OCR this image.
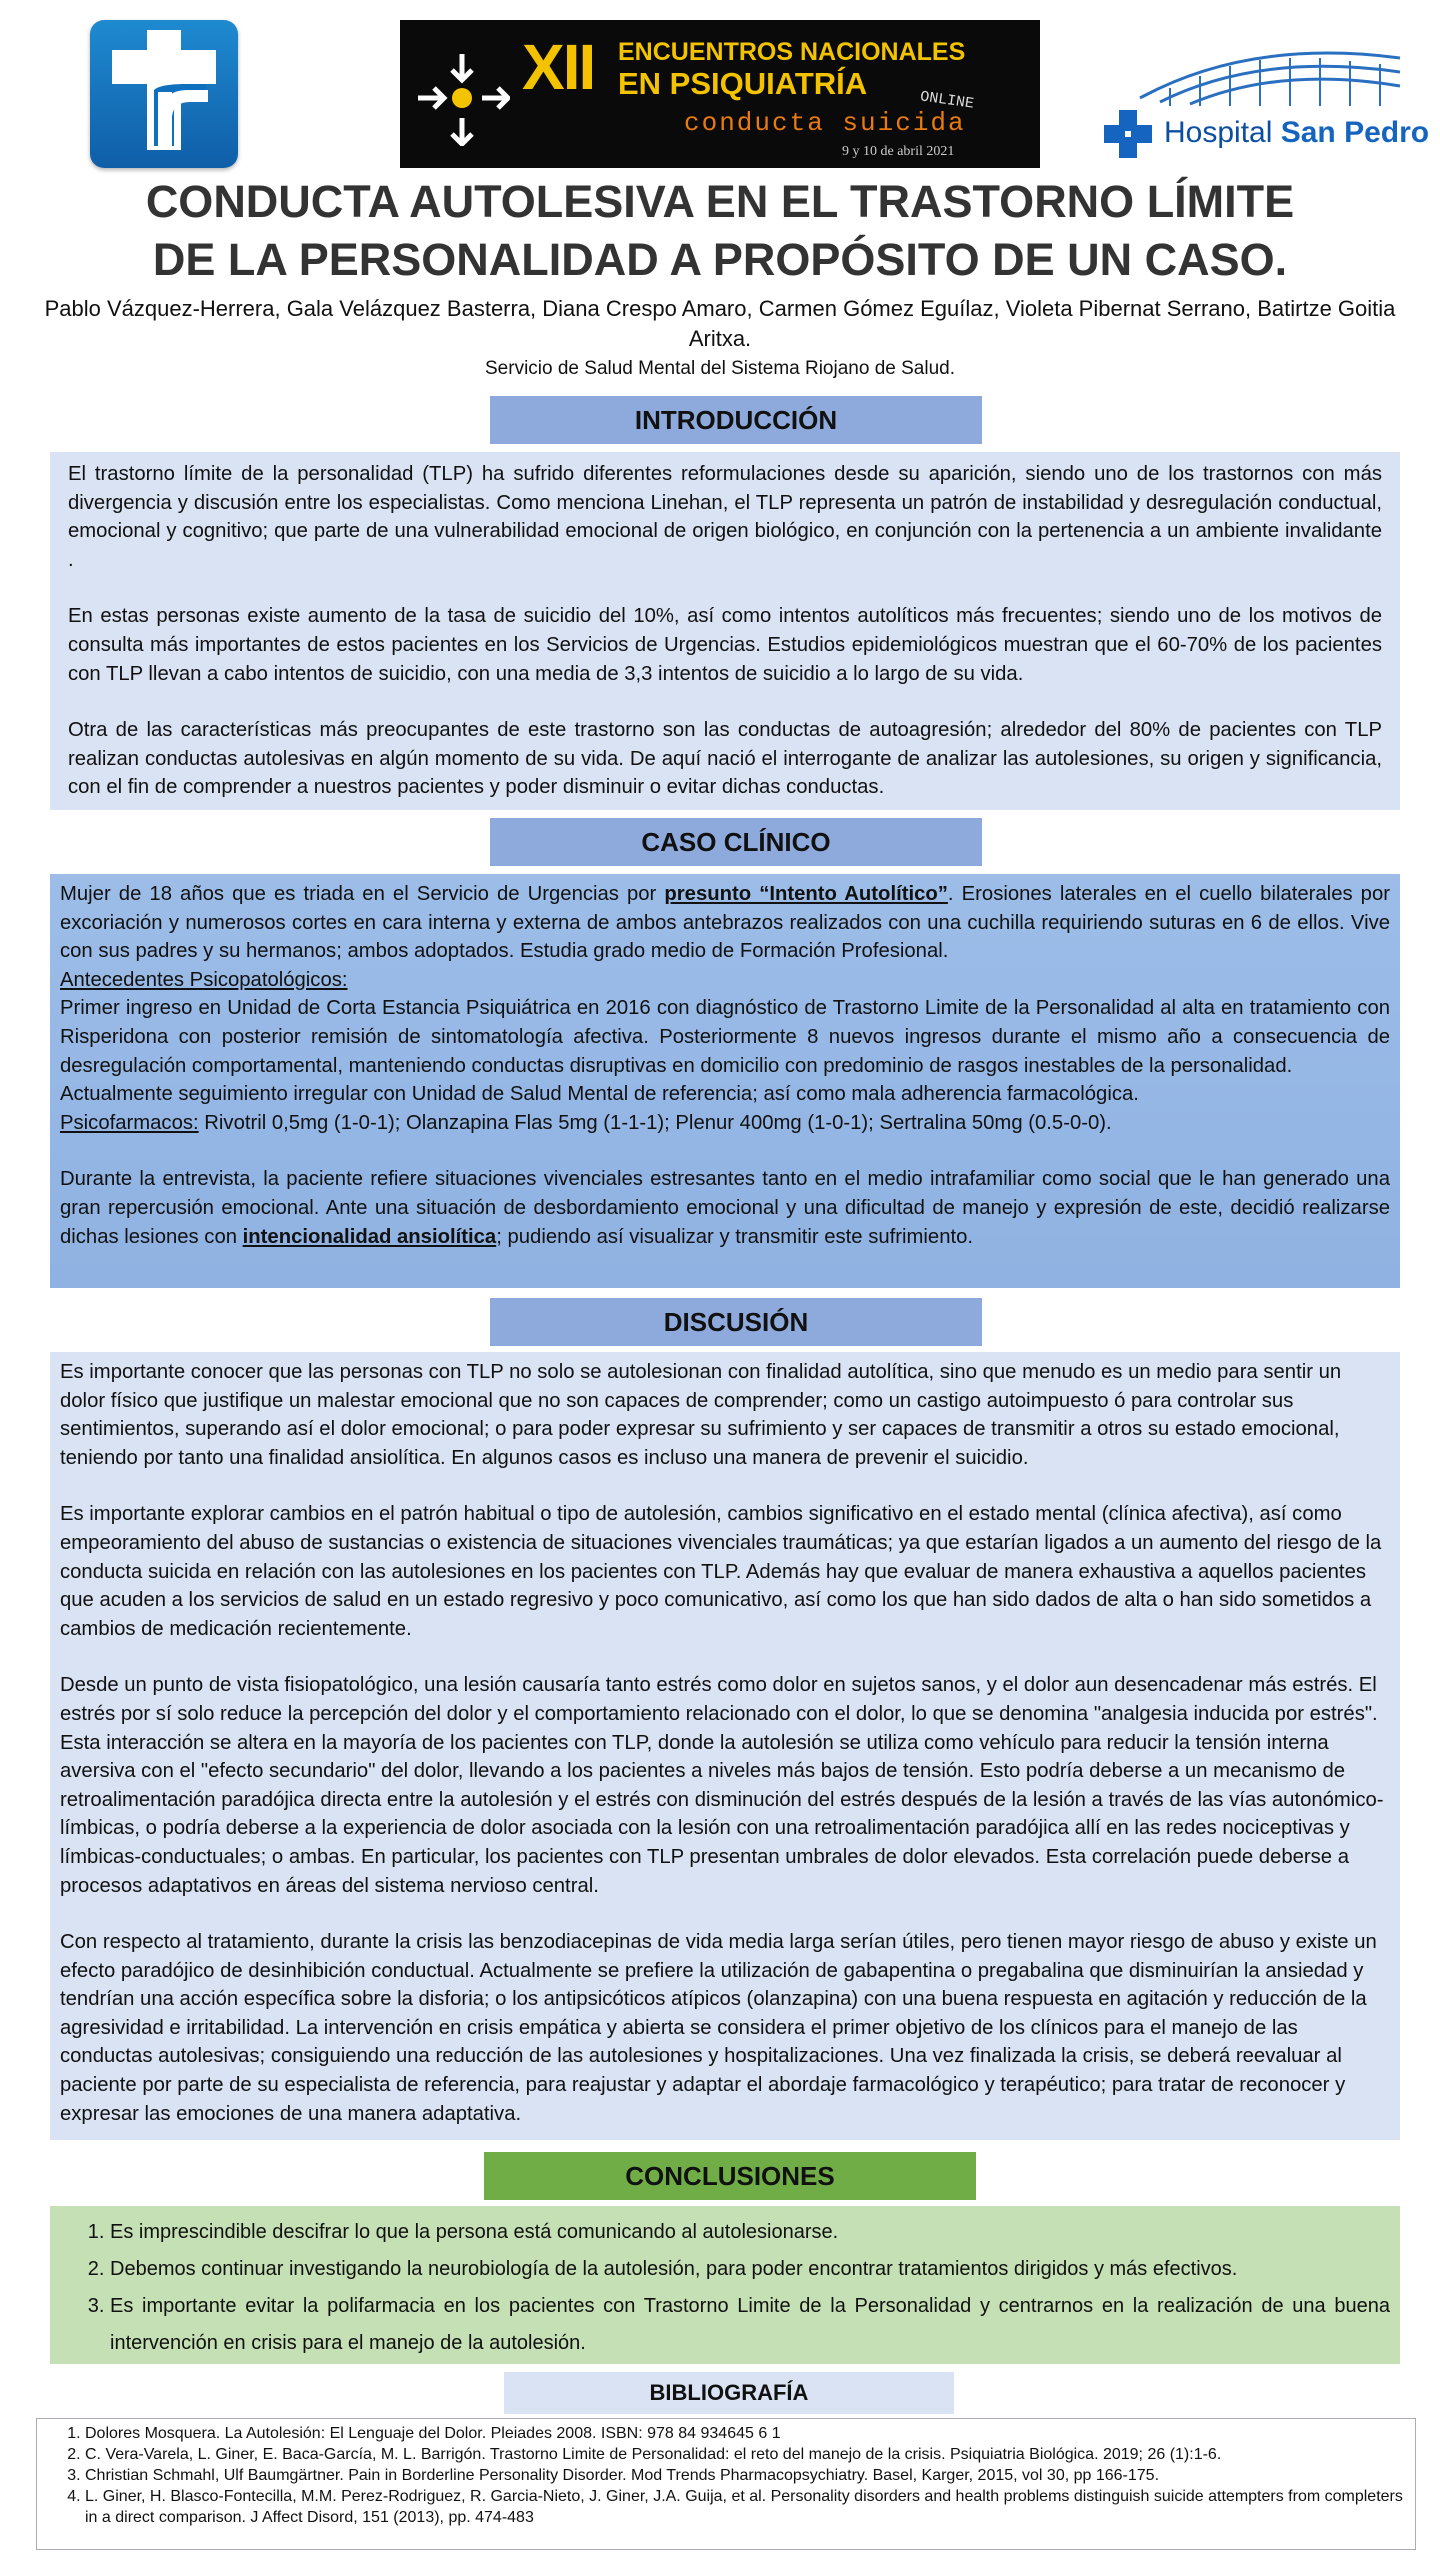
XII ENCUENTROS NACIONALES
EN PSIQUIATRÍA	ONLINE
conducta suicida
9 y 10 de abril 2021
Hospital San Pedro
CONDUCTA AUTOLESIVA EN EL TRASTORNO LÍMITE
DE LA PERSONALIDAD A PROPÓSITO DE UN CASO.
Pablo Vázquez-Herrera, Gala Velázquez Basterra, Diana Crespo Amaro, Carmen Gómez Eguílaz, Violeta Pibernat Serrano, Batirtze Goitia Aritxa.
Servicio de Salud Mental del Sistema Riojano de Salud.
INTRODUCCIÓN

El trastorno límite de la personalidad (TLP) ha sufrido diferentes reformulaciones desde su aparición, siendo uno de los trastornos con más divergencia y discusión entre los especialistas. Como menciona Linehan, el TLP representa un patrón de instabilidad y desregulación conductual, emocional y cognitivo; que parte de una vulnerabilidad emocional de origen biológico, en conjunción con la pertenencia a un ambiente invalidante .

En estas personas existe aumento de la tasa de suicidio del 10%, así como intentos autolíticos más frecuentes; siendo uno de los motivos de consulta más importantes de estos pacientes en los Servicios de Urgencias. Estudios epidemiológicos muestran que el 60-70% de los pacientes con TLP llevan a cabo intentos de suicidio, con una media de 3,3 intentos de suicidio a lo largo de su vida.

Otra de las características más preocupantes de este trastorno son las conductas de autoagresión; alrededor del 80% de pacientes con TLP realizan conductas autolesivas en algún momento de su vida. De aquí nació el interrogante de analizar las autolesiones, su origen y significancia, con el fin de comprender a nuestros pacientes y poder disminuir o evitar dichas conductas.

CASO CLÍNICO

Mujer de 18 años que es triada en el Servicio de Urgencias por presunto “Intento Autolítico”. Erosiones laterales en el cuello bilaterales por excoriación y numerosos cortes en cara interna y externa de ambos antebrazos realizados con una cuchilla requiriendo suturas en 6 de ellos. Vive con sus padres y su hermanos; ambos adoptados. Estudia grado medio de Formación Profesional.

Antecedentes Psicopatológicos:

Primer ingreso en Unidad de Corta Estancia Psiquiátrica en 2016 con diagnóstico de Trastorno Limite de la Personalidad al alta en tratamiento con Risperidona con posterior remisión de sintomatología afectiva. Posteriormente 8 nuevos ingresos durante el mismo año a consecuencia de desregulación comportamental, manteniendo conductas disruptivas en domicilio con predominio de rasgos inestables de la personalidad.

Actualmente seguimiento irregular con Unidad de Salud Mental de referencia; así como mala adherencia farmacológica.

Psicofarmacos: Rivotril 0,5mg (1-0-1); Olanzapina Flas 5mg (1-1-1); Plenur 400mg (1-0-1); Sertralina 50mg (0.5-0-0).

Durante la entrevista, la paciente refiere situaciones vivenciales estresantes tanto en el medio intrafamiliar como social que le han generado una gran repercusión emocional. Ante una situación de desbordamiento emocional y una dificultad de manejo y expresión de este, decidió realizarse dichas lesiones con intencionalidad ansiolítica; pudiendo así visualizar y transmitir este sufrimiento.

DISCUSIÓN

Es importante conocer que las personas con TLP no solo se autolesionan con finalidad autolítica, sino que menudo es un medio para sentir un dolor físico que justifique un malestar emocional que no son capaces de comprender; como un castigo autoimpuesto ó para controlar sus sentimientos, superando así el dolor emocional; o para poder expresar su sufrimiento y ser capaces de transmitir a otros su estado emocional, teniendo por tanto una finalidad ansiolítica. En algunos casos es incluso una manera de prevenir el suicidio.

Es importante explorar cambios en el patrón habitual o tipo de autolesión, cambios significativo en el estado mental (clínica afectiva), así como empeoramiento del abuso de sustancias o existencia de situaciones vivenciales traumáticas; ya que estarían ligados a un aumento del riesgo de la conducta suicida en relación con las autolesiones en los pacientes con TLP. Además hay que evaluar de manera exhaustiva a aquellos pacientes que acuden a los servicios de salud en un estado regresivo y poco comunicativo, así como los que han sido dados de alta o han sido sometidos a cambios de medicación recientemente.

Desde un punto de vista fisiopatológico, una lesión causaría tanto estrés como dolor en sujetos sanos, y el dolor aun desencadenar más estrés. El estrés por sí solo reduce la percepción del dolor y el comportamiento relacionado con el dolor, lo que se denomina "analgesia inducida por estrés". Esta interacción se altera en la mayoría de los pacientes con TLP, donde la autolesión se utiliza como vehículo para reducir la tensión interna aversiva con el "efecto secundario" del dolor, llevando a los pacientes a niveles más bajos de tensión. Esto podría deberse a un mecanismo de retroalimentación paradójica directa entre la autolesión y el estrés con disminución del estrés después de la lesión a través de las vías autonómico-límbicas, o podría deberse a la experiencia de dolor asociada con la lesión con una retroalimentación paradójica allí en las redes nociceptivas y límbicas-conductuales; o ambas. En particular, los pacientes con TLP presentan umbrales de dolor elevados. Esta correlación puede deberse a procesos adaptativos en áreas del sistema nervioso central.

Con respecto al tratamiento, durante la crisis las benzodiacepinas de vida media larga serían útiles, pero tienen mayor riesgo de abuso y existe un efecto paradójico de desinhibición conductual. Actualmente se prefiere la utilización de gabapentina o pregabalina que disminuirían la ansiedad y tendrían una acción específica sobre la disforia; o los antipsicóticos atípicos (olanzapina) con una buena respuesta en agitación y reducción de la agresividad e irritabilidad. La intervención en crisis empática y abierta se considera el primer objetivo de los clínicos para el manejo de las conductas autolesivas; consiguiendo una reducción de las autolesiones y hospitalizaciones. Una vez finalizada la crisis, se deberá reevaluar al paciente por parte de su especialista de referencia, para reajustar y adaptar el abordaje farmacológico y terapéutico; para tratar de reconocer y expresar las emociones de una manera adaptativa.

CONCLUSIONES
1. Es imprescindible descifrar lo que la persona está comunicando al autolesionarse.
2. Debemos continuar investigando la neurobiología de la autolesión, para poder encontrar tratamientos dirigidos y más efectivos.
3. Es importante evitar la polifarmacia en los pacientes con Trastorno Limite de la Personalidad y centrarnos en la realización de una buena intervención en crisis para el manejo de la autolesión.
BIBLIOGRAFÍA
1. Dolores Mosquera. La Autolesión: El Lenguaje del Dolor. Pleiades 2008. ISBN: 978 84 934645 6 1
2. C. Vera-Varela, L. Giner, E. Baca-García, M. L. Barrigón. Trastorno Limite de Personalidad: el reto del manejo de la crisis. Psiquiatria Biológica. 2019; 26 (1):1-6.
3. Christian Schmahl, Ulf Baumgärtner. Pain in Borderline Personality Disorder. Mod Trends Pharmacopsychiatry. Basel, Karger, 2015, vol 30, pp 166-175.
4. L. Giner, H. Blasco-Fontecilla, M.M. Perez-Rodriguez, R. Garcia-Nieto, J. Giner, J.A. Guija, et al. Personality disorders and health problems distinguish suicide attempters from completers in a direct comparison. J Affect Disord, 151 (2013), pp. 474-483
